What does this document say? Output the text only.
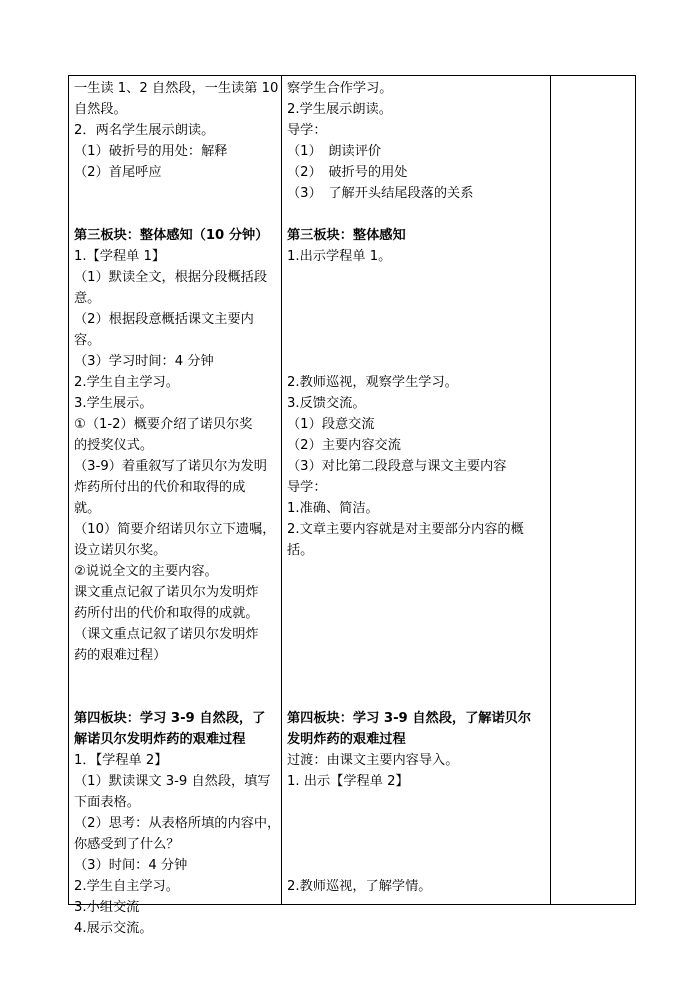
一生读 1、2 自然段，一生读第 10
自然段。
2．两名学生展示朗读。
（1）破折号的用处：解释
（2）首尾呼应
第三板块：整体感知（10 分钟）
1.【学程单 1】
（1）默读全文，根据分段概括段
意。
（2）根据段意概括课文主要内
容。
（3）学习时间：4 分钟
2.学生自主学习。
3.学生展示。
①（1-2）概要介绍了诺贝尔奖
的授奖仪式。
（3-9）着重叙写了诺贝尔为发明
炸药所付出的代价和取得的成
就。
（10）简要介绍诺贝尔立下遗嘱，
设立诺贝尔奖。
②说说全文的主要内容。
课文重点记叙了诺贝尔为发明炸
药所付出的代价和取得的成就。
（课文重点记叙了诺贝尔发明炸
药的艰难过程）
第四板块：学习 3-9 自然段，了
解诺贝尔发明炸药的艰难过程
1．【学程单 2】
（1）默读课文 3-9 自然段，填写
下面表格。
（2）思考：从表格所填的内容中，
你感受到了什么？
（3）时间：4 分钟
2.学生自主学习。
3.小组交流
4.展示交流。
察学生合作学习。
2.学生展示朗读。
导学：
（1）　朗读评价
（2）　破折号的用处
（3）　了解开头结尾段落的关系
第三板块：整体感知
1.出示学程单 1。
2.教师巡视，观察学生学习。
3.反馈交流。
（1）段意交流
（2）主要内容交流
（3）对比第二段段意与课文主要内容
导学：
1.准确、简洁。
2.文章主要内容就是对主要部分内容的概
括。
第四板块：学习 3-9 自然段，了解诺贝尔
发明炸药的艰难过程
过渡：由课文主要内容导入。
1. 出示【学程单 2】
2.教师巡视，了解学情。
